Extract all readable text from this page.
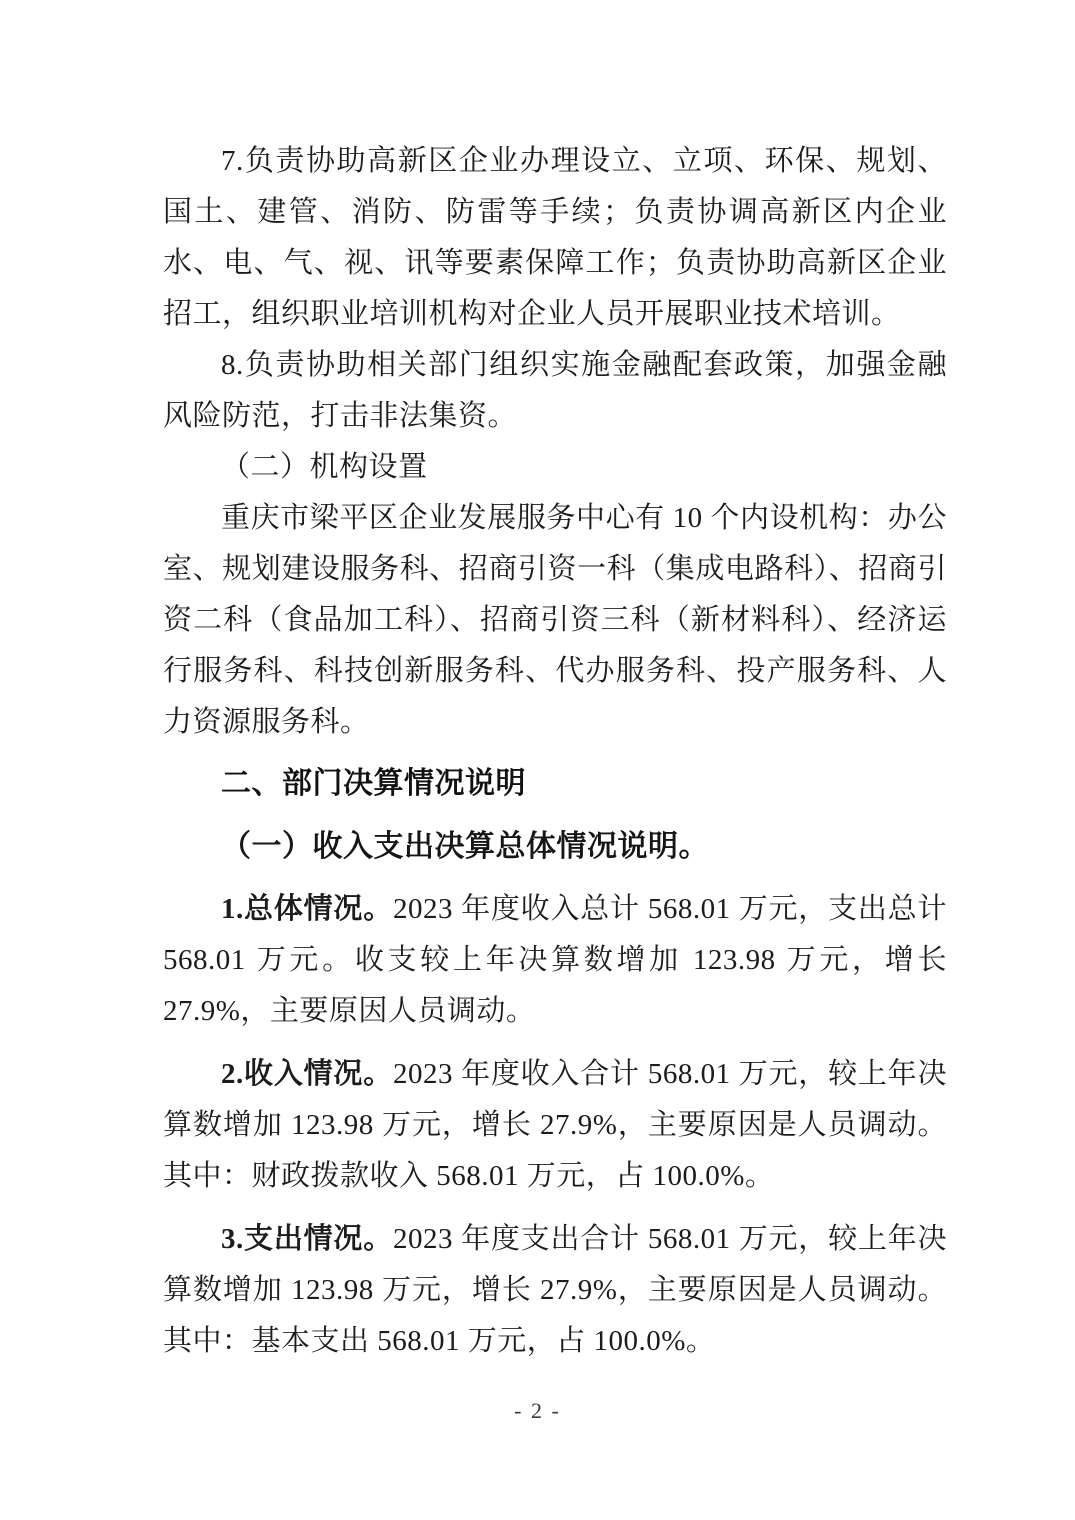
7.负责协助高新区企业办理设立、立项、环保、规划、国土、建管、消防、防雷等手续；负责协调高新区内企业水、电、气、视、讯等要素保障工作；负责协助高新区企业招工，组织职业培训机构对企业人员开展职业技术培训。

8.负责协助相关部门组织实施金融配套政策，加强金融风险防范，打击非法集资。

（二）机构设置

重庆市梁平区企业发展服务中心有 10 个内设机构：办公室、规划建设服务科、招商引资一科（集成电路科）、招商引资二科（食品加工科）、招商引资三科（新材料科）、经济运行服务科、科技创新服务科、代办服务科、投产服务科、人力资源服务科。

二、部门决算情况说明
（一）收入支出决算总体情况说明。

1.总体情况。2023 年度收入总计 568.01 万元，支出总计 568.01 万元。收支较上年决算数增加 123.98 万元，增长 27.9%，主要原因人员调动。

2.收入情况。2023 年度收入合计 568.01 万元，较上年决算数增加 123.98 万元，增长 27.9%，主要原因是人员调动。其中：财政拨款收入 568.01 万元，占 100.0%。

3.支出情况。2023 年度支出合计 568.01 万元，较上年决算数增加 123.98 万元，增长 27.9%，主要原因是人员调动。其中：基本支出 568.01 万元，占 100.0%。

- 2 -
